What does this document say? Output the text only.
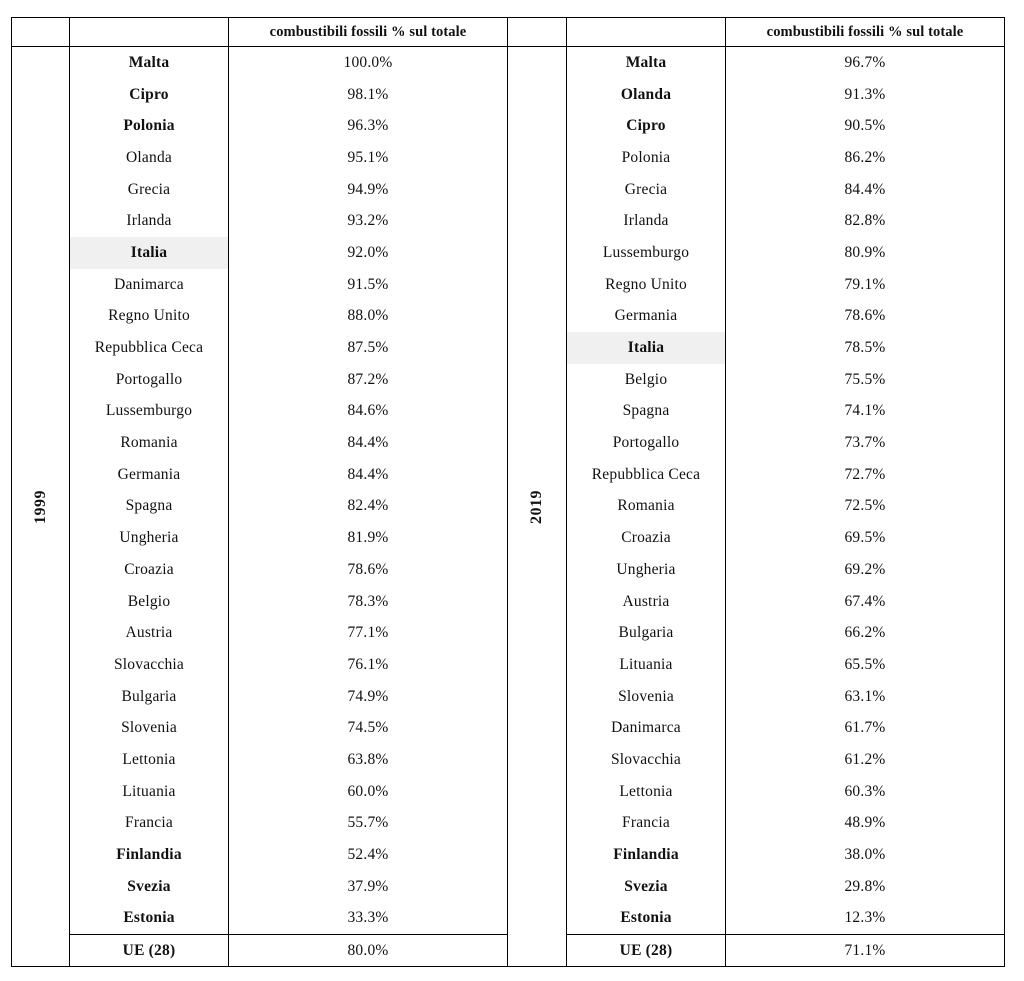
		combustibili fossili % sul totale			combustibili fossili % sul totale
1999	Malta	100.0%	2019	Malta	96.7%
	Cipro	98.1%		Olanda	91.3%
	Polonia	96.3%		Cipro	90.5%
	Olanda	95.1%		Polonia	86.2%
	Grecia	94.9%		Grecia	84.4%
	Irlanda	93.2%		Irlanda	82.8%
	Italia	92.0%		Lussemburgo	80.9%
	Danimarca	91.5%		Regno Unito	79.1%
	Regno Unito	88.0%		Germania	78.6%
	Repubblica Ceca	87.5%		Italia	78.5%
	Portogallo	87.2%		Belgio	75.5%
	Lussemburgo	84.6%		Spagna	74.1%
	Romania	84.4%		Portogallo	73.7%
	Germania	84.4%		Repubblica Ceca	72.7%
	Spagna	82.4%		Romania	72.5%
	Ungheria	81.9%		Croazia	69.5%
	Croazia	78.6%		Ungheria	69.2%
	Belgio	78.3%		Austria	67.4%
	Austria	77.1%		Bulgaria	66.2%
	Slovacchia	76.1%		Lituania	65.5%
	Bulgaria	74.9%		Slovenia	63.1%
	Slovenia	74.5%		Danimarca	61.7%
	Lettonia	63.8%		Slovacchia	61.2%
	Lituania	60.0%		Lettonia	60.3%
	Francia	55.7%		Francia	48.9%
	Finlandia	52.4%		Finlandia	38.0%
	Svezia	37.9%		Svezia	29.8%
	Estonia	33.3%		Estonia	12.3%
	UE (28)	80.0%		UE (28)	71.1%
